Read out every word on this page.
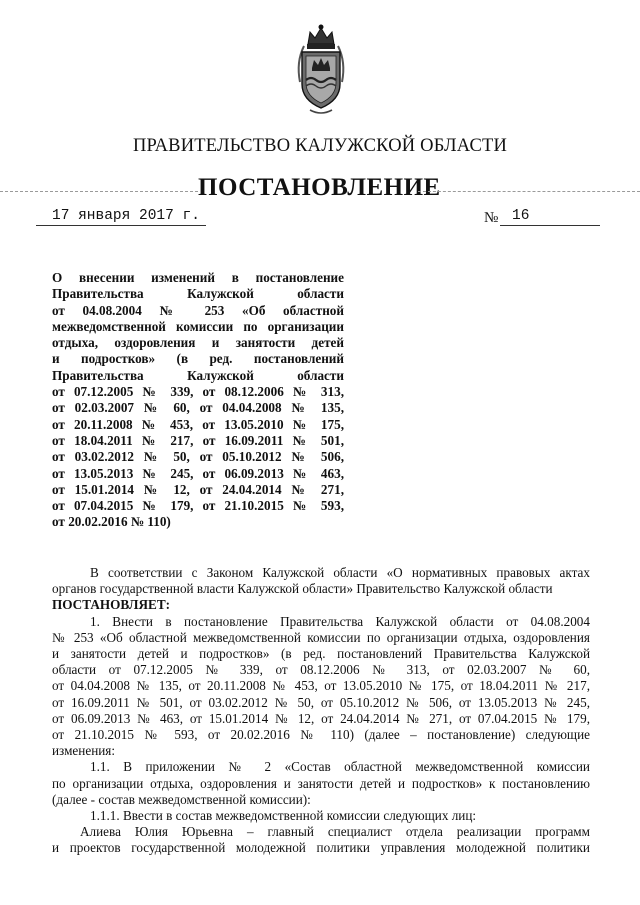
ПРАВИТЕЛЬСТВО КАЛУЖСКОЙ ОБЛАСТИ
ПОСТАНОВЛЕНИЕ
17 января 2017 г.	№ 16

О внесении изменений в постановление

Правительства Калужской области

от 04.08.2004 № 253 «Об областной

межведомственной комиссии по организации

отдыха, оздоровления и занятости детей

и подростков» (в ред. постановлений

Правительства Калужской области

от 07.12.2005 № 339, от 08.12.2006 № 313,

от 02.03.2007 № 60, от 04.04.2008 № 135,

от 20.11.2008 № 453, от 13.05.2010 № 175,

от 18.04.2011 № 217, от 16.09.2011 № 501,

от 03.02.2012 № 50, от 05.10.2012 № 506,

от 13.05.2013 № 245, от 06.09.2013 № 463,

от 15.01.2014 № 12, от 24.04.2014 № 271,

от 07.04.2015 № 179, от 21.10.2015 № 593,

от 20.02.2016 № 110)

В соответствии с Законом Калужской области «О нормативных правовых актах

органов государственной власти Калужской области» Правительство Калужской области

ПОСТАНОВЛЯЕТ:

1. Внести в постановление Правительства Калужской области от 04.08.2004

№ 253 «Об областной межведомственной комиссии по организации отдыха, оздоровления

и занятости детей и подростков» (в ред. постановлений Правительства Калужской

области от 07.12.2005 № 339, от 08.12.2006 № 313, от 02.03.2007 № 60,

от 04.04.2008 № 135, от 20.11.2008 № 453, от 13.05.2010 № 175, от 18.04.2011 № 217,

от 16.09.2011 № 501, от 03.02.2012 № 50, от 05.10.2012 № 506, от 13.05.2013 № 245,

от 06.09.2013 № 463, от 15.01.2014 № 12, от 24.04.2014 № 271, от 07.04.2015 № 179,

от 21.10.2015 № 593, от 20.02.2016 № 110) (далее – постановление) следующие

изменения:

1.1. В приложении № 2 «Состав областной межведомственной комиссии

по организации отдыха, оздоровления и занятости детей и подростков» к постановлению

(далее - состав межведомственной комиссии):

1.1.1. Ввести в состав межведомственной комиссии следующих лиц:

Алиева Юлия Юрьевна – главный специалист отдела реализации программ

и проектов государственной молодежной политики управления молодежной политики
